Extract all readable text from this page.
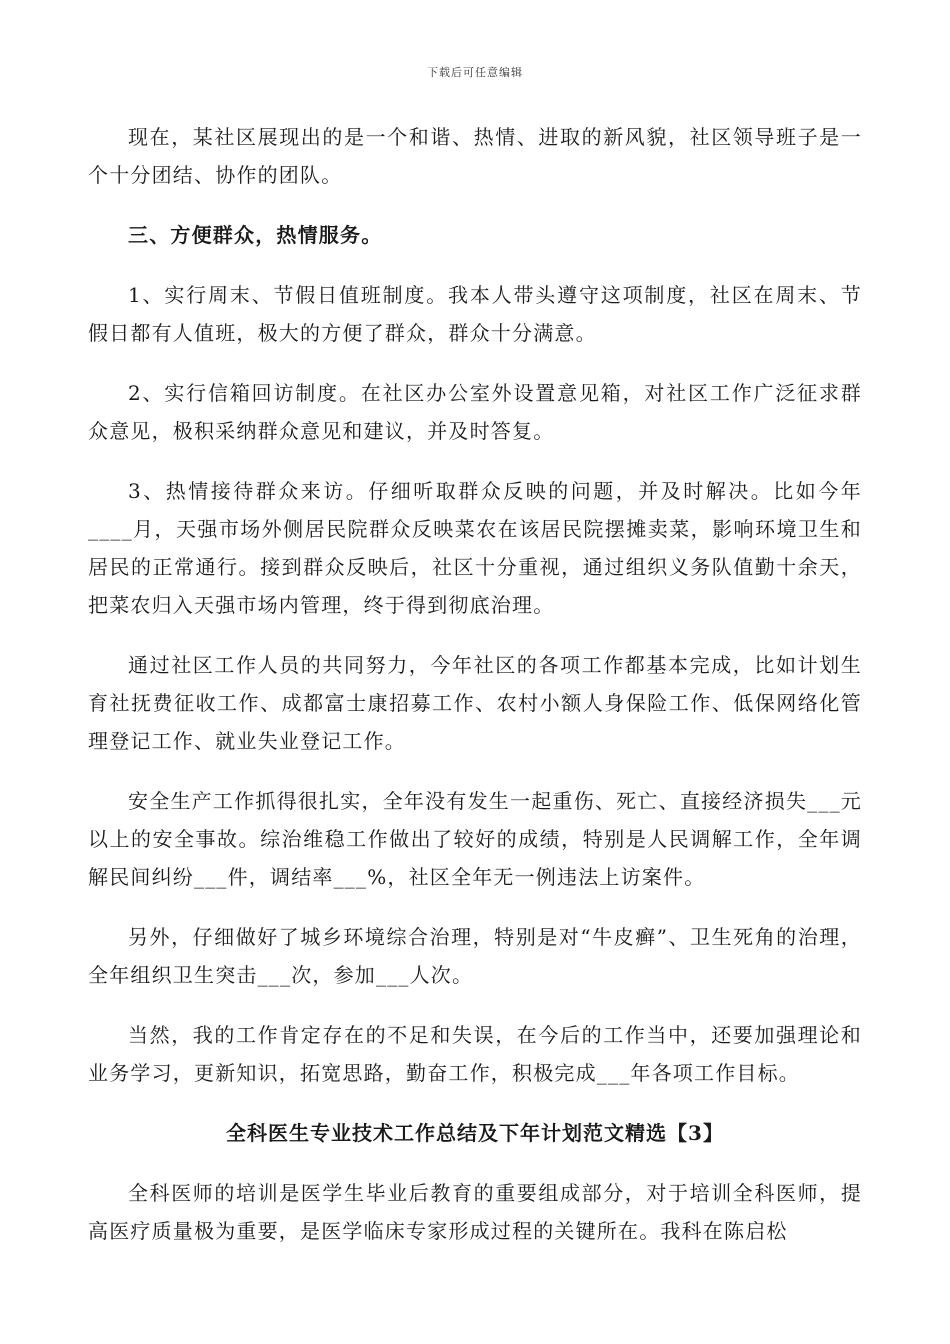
下载后可任意编辑

现在，某社区展现出的是一个和谐、热情、进取的新风貌，社区领导班子是一个十分团结、协作的团队。

三、方便群众，热情服务。

1、实行周末、节假日值班制度。我本人带头遵守这项制度，社区在周末、节假日都有人值班，极大的方便了群众，群众十分满意。

2、实行信箱回访制度。在社区办公室外设置意见箱，对社区工作广泛征求群众意见，极积采纳群众意见和建议，并及时答复。

3、热情接待群众来访。仔细听取群众反映的问题，并及时解决。比如今年____月，天强市场外侧居民院群众反映菜农在该居民院摆摊卖菜，影响环境卫生和居民的正常通行。接到群众反映后，社区十分重视，通过组织义务队值勤十余天，把菜农归入天强市场内管理，终于得到彻底治理。

通过社区工作人员的共同努力，今年社区的各项工作都基本完成，比如计划生育社抚费征收工作、成都富士康招募工作、农村小额人身保险工作、低保网络化管理登记工作、就业失业登记工作。

安全生产工作抓得很扎实，全年没有发生一起重伤、死亡、直接经济损失___元以上的安全事故。综治维稳工作做出了较好的成绩，特别是人民调解工作，全年调解民间纠纷___件，调结率___%，社区全年无一例违法上访案件。

另外，仔细做好了城乡环境综合治理，特别是对“牛皮癣”、卫生死角的治理，全年组织卫生突击___次，参加___人次。

当然，我的工作肯定存在的不足和失误，在今后的工作当中，还要加强理论和业务学习，更新知识，拓宽思路，勤奋工作，积极完成___年各项工作目标。

全科医生专业技术工作总结及下年计划范文精选【3】

全科医师的培训是医学生毕业后教育的重要组成部分，对于培训全科医师，提高医疗质量极为重要，是医学临床专家形成过程的关键所在。我科在陈启松
